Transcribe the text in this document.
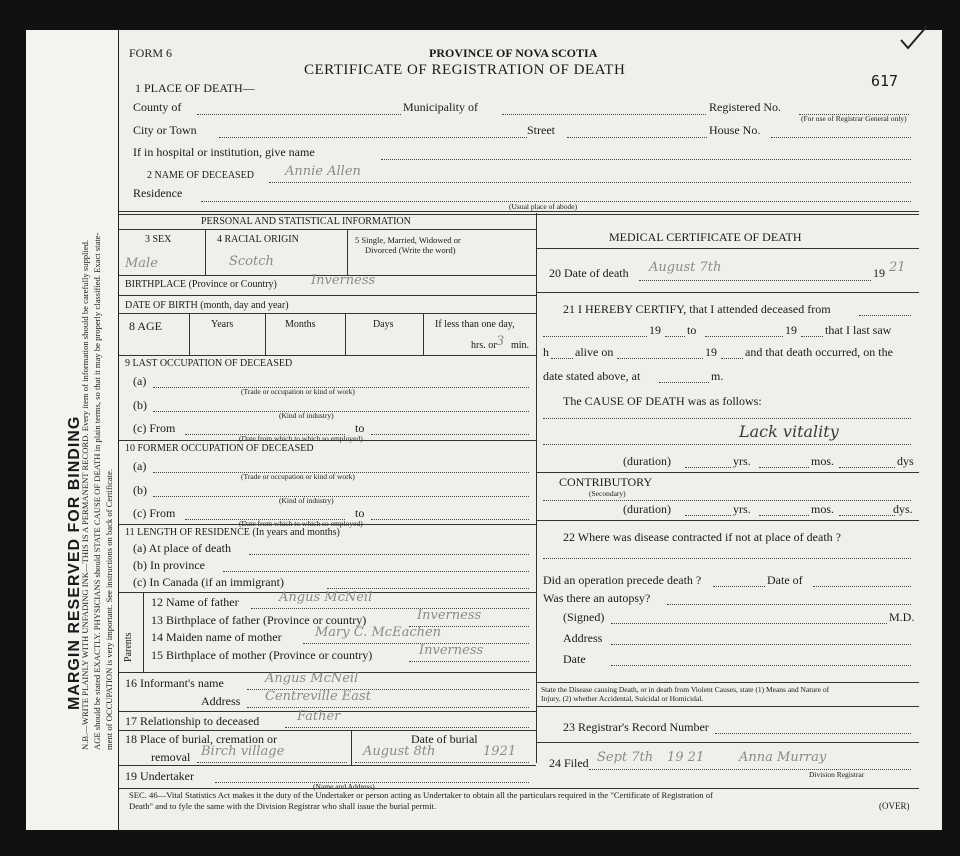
MARGIN RESERVED FOR BINDING
N.B.—WRITE PLAINLY WITH UNFADING INK—THIS IS A PERMANENT RECORD. Every item of information should be carefully supplied. AGE should be stated EXACTLY. PHYSICIANS should STATE CAUSE OF DEATH in plain terms, so that it may be properly classified. Exact state- ment of OCCUPATION is very important. See instructions on back of Certificate.
FORM 6	PROVINCE OF NOVA SCOTIA
CERTIFICATE OF REGISTRATION OF DEATH
617
1 PLACE OF DEATH—
County of	Municipality of	Registered No.
(For use of Registrar General only)
City or Town	Street	House No.
If in hospital or institution, give name
2 NAME OF DECEASED Annie Allen
Residence
(Usual place of abode)
PERSONAL AND STATISTICAL INFORMATION
3 SEX	4 RACIAL ORIGIN	5 Single, Married, Widowed or
Divorced (Write the word)
Male	Scotch
BIRTHPLACE (Province or Country)	Inverness
DATE OF BIRTH (month, day and year)
8 AGE	Years	Months	Days	If less than one day,
hrs. or 3 min.
9 LAST OCCUPATION OF DECEASED
(a)
(Trade or occupation or kind of work)
(b)
(Kind of industry)
(c) From	to
(Date from which to which so employed)
10 FORMER OCCUPATION OF DECEASED
(a)
(Trade or occupation or kind of work)
(b)
(Kind of industry)
(c) From	to
(Date from which to which so employed)
11 LENGTH OF RESIDENCE (In years and months)
(a) At place of death
(b) In province
(c) In Canada (if an immigrant)
Parents
12 Name of father	Angus McNeil
13 Birthplace of father (Province or country)	Inverness
14 Maiden name of mother	Mary C. McEachen
15 Birthplace of mother (Province or country)	Inverness
16 Informant's name	Angus McNeil
Address Centreville East
17 Relationship to deceased	Father
18 Place of burial, cremation or
removal Birch village
Date of burial
August 8th	1921
19 Undertaker
(Name and Address)
MEDICAL CERTIFICATE OF DEATH
20 Date of death August 7th	19 21
21 I HEREBY CERTIFY, that I attended deceased from
19 to	19 that I last saw
h alive on	19 and that death occurred, on the
date stated above, at	m.
The CAUSE OF DEATH was as follows:
Lack vitality
(duration)	yrs.	mos.	dys
CONTRIBUTORY
(Secondary)
(duration)	yrs.	mos.	dys.
22 Where was disease contracted if not at place of death ?
Did an operation precede death ?	Date of
Was there an autopsy?
(Signed)	M.D.
Address
Date
State the Disease causing Death, or in death from Violent Causes, state (1) Means and Nature of
Injury, (2) whether Accidental, Suicidal or Homicidal.
23 Registrar's Record Number
24 Filed Sept 7th 19 21	Anna Murray
Division Registrar
SEC. 46—Vital Statistics Act makes it the duty of the Undertaker or person acting as Undertaker to obtain all the particulars required in the "Certificate of Registration of
Death" and to fyle the same with the Division Registrar who shall issue the burial permit.	(OVER)
